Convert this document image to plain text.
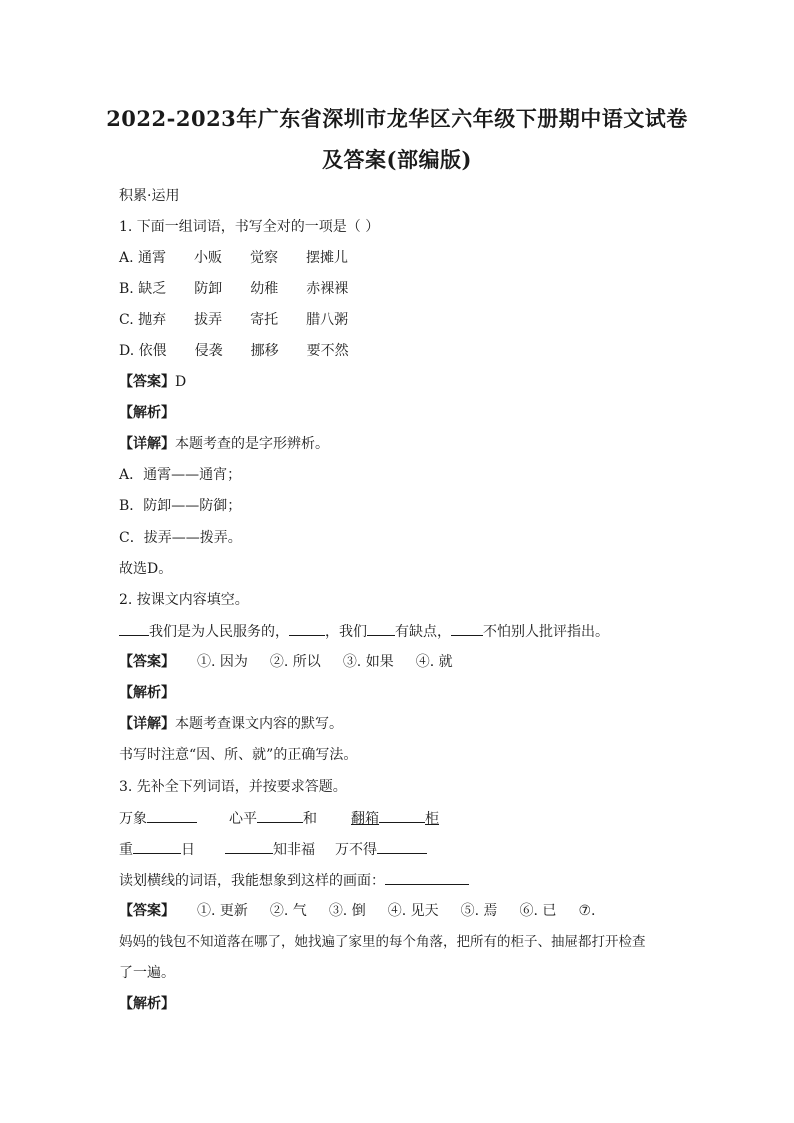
2022-2023年广东省深圳市龙华区六年级下册期中语文试卷
及答案(部编版)
积累·运用
1. 下面一组词语，书写全对的一项是（ ）
A. 通霄 小贩 觉察 摆摊儿
B. 缺乏 防卸 幼稚 赤裸裸
C. 抛弃 拔弄 寄托 腊八粥
D. 依偎 侵袭 挪移 要不然
【答案】D
【解析】
【详解】本题考查的是字形辨析。
A．通霄——通宵；
B．防卸——防御；
C．拔弄——拨弄。
故选D。
2. 按课文内容填空。
我们是为人民服务的，	，我们 有缺点， 不怕别人批评指出。
【答案】 ①. 因为 ②. 所以 ③. 如果 ④. 就
【解析】
【详解】本题考查课文内容的默写。
书写时注意“因、所、就”的正确写法。
3. 先补全下列词语，并按要求答题。
万象	心平	和 翻箱	柜
重	日	知非福 万不得
读划横线的词语，我能想象到这样的画面：
【答案】 ①. 更新 ②. 气 ③. 倒 ④. 见天 ⑤. 焉 ⑥. 已 ⑦.
妈妈的钱包不知道落在哪了，她找遍了家里的每个角落，把所有的柜子、抽屉都打开检查
了一遍。
【解析】
